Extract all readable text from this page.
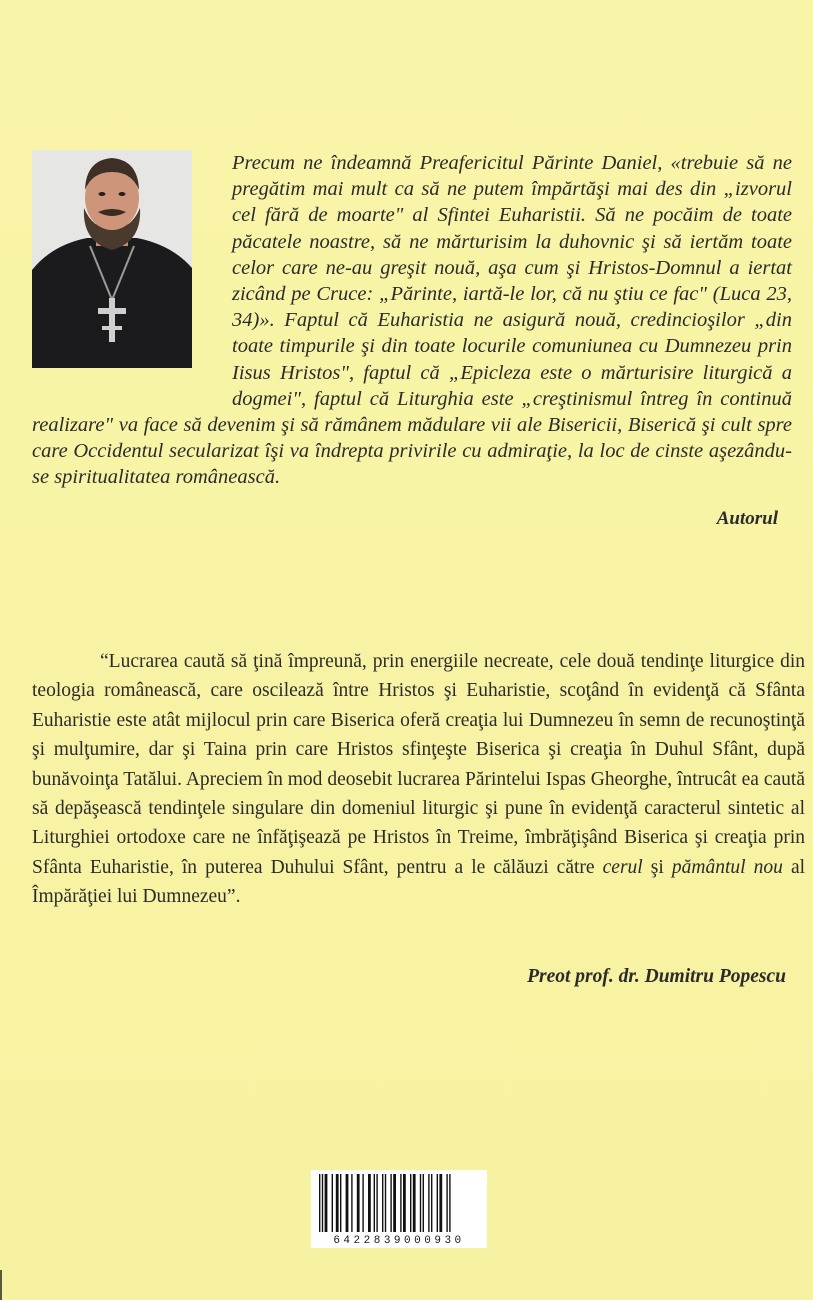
Precum ne îndeamnă Preafericitul Părinte Daniel, «trebuie să ne pregătim mai mult ca să ne putem împărtăşi mai des din „izvorul cel fără de moarte" al Sfintei Euharistii. Să ne pocăim de toate păcatele noastre, să ne mărturisim la duhovnic şi să iertăm toate celor care ne-au greşit nouă, aşa cum şi Hristos-Domnul a iertat zicând pe Cruce: „Părinte, iartă-le lor, că nu ştiu ce fac" (Luca 23, 34)». Faptul că Euharistia ne asigură nouă, credincioşilor „din toate timpurile şi din toate locurile comuniunea cu Dumnezeu prin Iisus Hristos", faptul că „Epicleza este o mărturisire liturgică a dogmei", faptul că Liturghia este „creştinismul întreg în continuă realizare" va face să devenim şi să rămânem mădulare vii ale Bisericii, Biserică şi cult spre care Occidentul secularizat îşi va îndrepta privirile cu admiraţie, la loc de cinste aşezându-se spiritualitatea românească.

Autorul

“Lucrarea caută să ţină împreună, prin energiile necreate, cele două tendinţe liturgice din teologia românească, care oscilează între Hristos şi Euharistie, scoţând în evidenţă că Sfânta Euharistie este atât mijlocul prin care Biserica oferă creaţia lui Dumnezeu în semn de recunoştinţă şi mulţumire, dar şi Taina prin care Hristos sfinţeşte Biserica şi creaţia în Duhul Sfânt, după bunăvoinţa Tatălui. Apreciem în mod deosebit lucrarea Părintelui Ispas Gheorghe, întrucât ea caută să depăşească tendinţele singulare din domeniul liturgic şi pune în evidenţă caracterul sintetic al Liturghiei ortodoxe care ne înfăţişează pe Hristos în Treime, îmbrăţişând Biserica şi creaţia prin Sfânta Euharistie, în puterea Duhului Sfânt, pentru a le călăuzi către cerul şi pământul nou al Împărăţiei lui Dumnezeu”.

Preot prof. dr. Dumitru Popescu
6422839000930
